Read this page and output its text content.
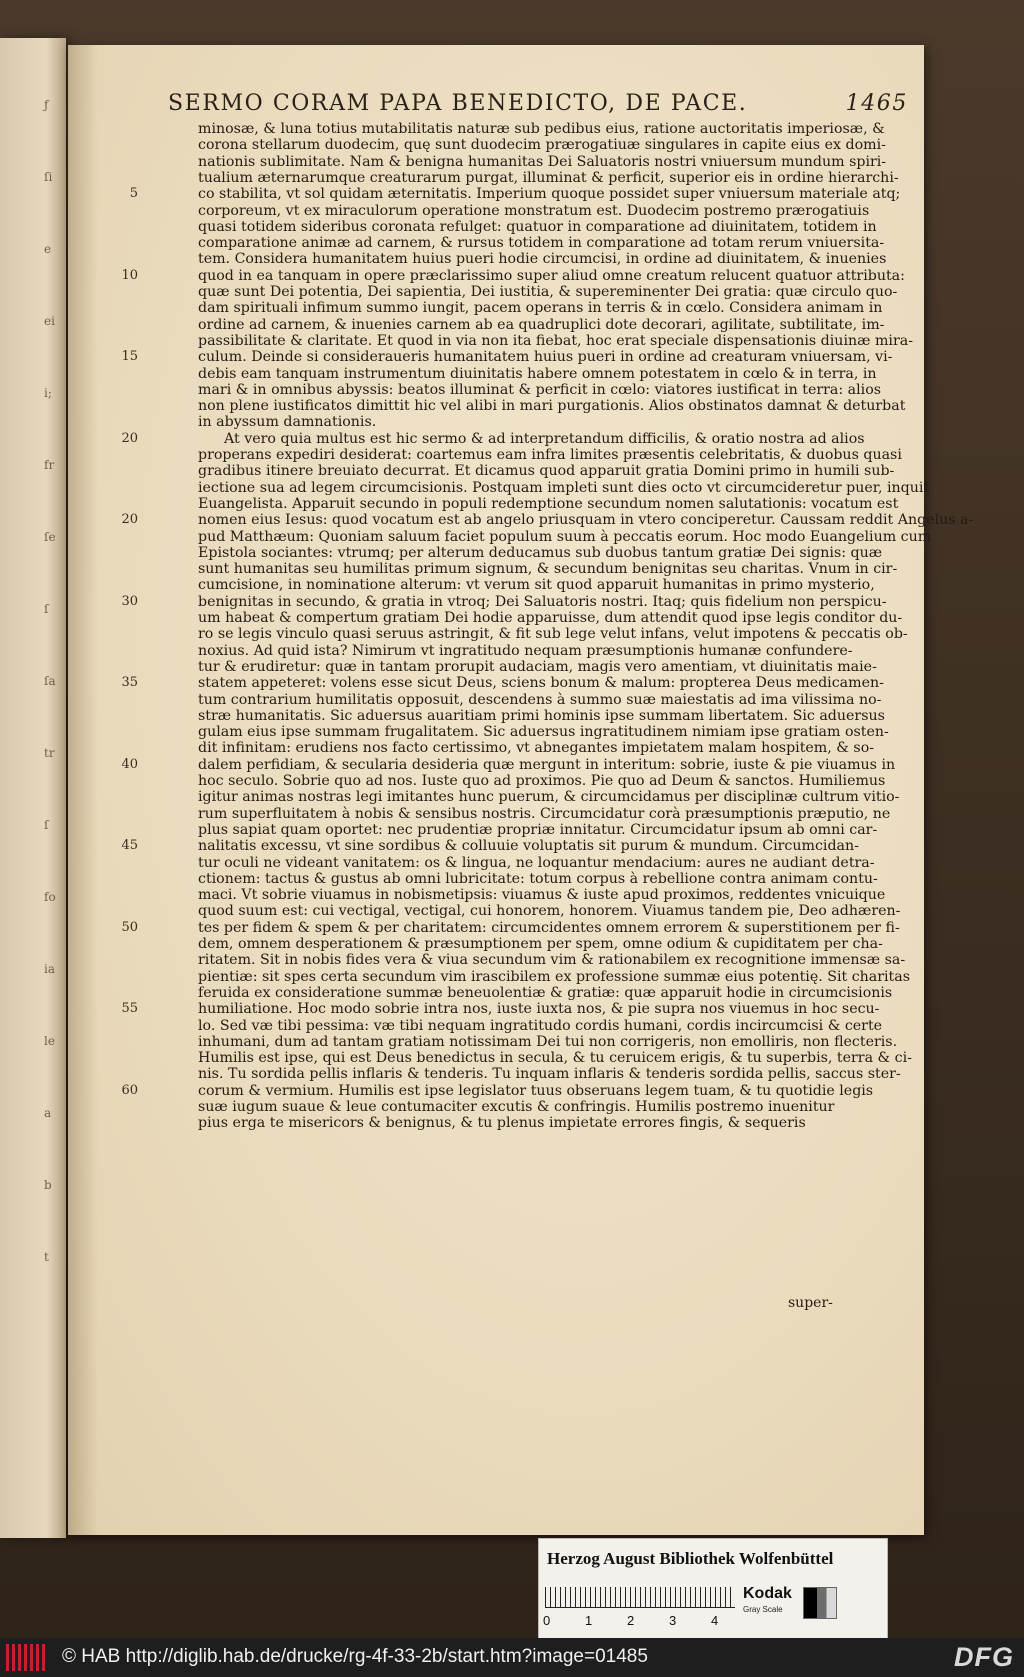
ƒ
ſi
e
ei
i;
fr
ſe
ſ
ſa
tr
ſ
fo
ia
le
a
b
t
SERMO CORAM PAPA BENEDICTO, DE PACE.	1465
5
10
15
20
20
30
35
40
45
50
55
60
minosæ, & luna totius mutabilitatis naturæ sub pedibus eius, ratione auctoritatis imperiosæ, &
corona stellarum duodecim, quę sunt duodecim prærogatiuæ singulares in capite eius ex domi-
nationis sublimitate. Nam & benigna humanitas Dei Saluatoris nostri vniuersum mundum spiri-
tualium æternarumque creaturarum purgat, illuminat & perficit, superior eis in ordine hierarchi-
co stabilita, vt sol quidam æternitatis. Imperium quoque possidet super vniuersum materiale atq;
corporeum, vt ex miraculorum operatione monstratum est. Duodecim postremo prærogatiuis
quasi totidem sideribus coronata refulget: quatuor in comparatione ad diuinitatem, totidem in
comparatione animæ ad carnem, & rursus totidem in comparatione ad totam rerum vniuersita-
tem. Considera humanitatem huius pueri hodie circumcisi, in ordine ad diuinitatem, & inuenies
quod in ea tanquam in opere præclarissimo super aliud omne creatum relucent quatuor attributa:
quæ sunt Dei potentia, Dei sapientia, Dei iustitia, & supereminenter Dei gratia: quæ circulo quo-
dam spirituali infimum summo iungit, pacem operans in terris & in cœlo. Considera animam in
ordine ad carnem, & inuenies carnem ab ea quadruplici dote decorari, agilitate, subtilitate, im-
passibilitate & claritate. Et quod in via non ita fiebat, hoc erat speciale dispensationis diuinæ mira-
culum. Deinde si consideraueris humanitatem huius pueri in ordine ad creaturam vniuersam, vi-
debis eam tanquam instrumentum diuinitatis habere omnem potestatem in cœlo & in terra, in
mari & in omnibus abyssis: beatos illuminat & perficit in cœlo: viatores iustificat in terra: alios
non plene iustificatos dimittit hic vel alibi in mari purgationis. Alios obstinatos damnat & deturbat
in abyssum damnationis.
At vero quia multus est hic sermo & ad interpretandum difficilis, & oratio nostra ad alios
properans expediri desiderat: coartemus eam infra limites præsentis celebritatis, & duobus quasi
gradibus itinere breuiato decurrat. Et dicamus quod apparuit gratia Domini primo in humili sub-
iectione sua ad legem circumcisionis. Postquam impleti sunt dies octo vt circumcideretur puer, inquit
Euangelista. Apparuit secundo in populi redemptione secundum nomen salutationis: vocatum est
nomen eius Iesus: quod vocatum est ab angelo priusquam in vtero conciperetur. Caussam reddit Angelus a-
pud Matthæum: Quoniam saluum faciet populum suum à peccatis eorum. Hoc modo Euangelium cum
Epistola sociantes: vtrumq; per alterum deducamus sub duobus tantum gratiæ Dei signis: quæ
sunt humanitas seu humilitas primum signum, & secundum benignitas seu charitas. Vnum in cir-
cumcisione, in nominatione alterum: vt verum sit quod apparuit humanitas in primo mysterio,
benignitas in secundo, & gratia in vtroq; Dei Saluatoris nostri. Itaq; quis fidelium non perspicu-
um habeat & compertum gratiam Dei hodie apparuisse, dum attendit quod ipse legis conditor du-
ro se legis vinculo quasi seruus astringit, & fit sub lege velut infans, velut impotens & peccatis ob-
noxius. Ad quid ista? Nimirum vt ingratitudo nequam præsumptionis humanæ confundere-
tur & erudiretur: quæ in tantam prorupit audaciam, magis vero amentiam, vt diuinitatis maie-
statem appeteret: volens esse sicut Deus, sciens bonum & malum: propterea Deus medicamen-
tum contrarium humilitatis opposuit, descendens à summo suæ maiestatis ad ima vilissima no-
stræ humanitatis. Sic aduersus auaritiam primi hominis ipse summam libertatem. Sic aduersus
gulam eius ipse summam frugalitatem. Sic aduersus ingratitudinem nimiam ipse gratiam osten-
dit infinitam: erudiens nos facto certissimo, vt abnegantes impietatem malam hospitem, & so-
dalem perfidiam, & secularia desideria quæ mergunt in interitum: sobrie, iuste & pie viuamus in
hoc seculo. Sobrie quo ad nos. Iuste quo ad proximos. Pie quo ad Deum & sanctos. Humiliemus
igitur animas nostras legi imitantes hunc puerum, & circumcidamus per disciplinæ cultrum vitio-
rum superfluitatem à nobis & sensibus nostris. Circumcidatur corà præsumptionis præputio, ne
plus sapiat quam oportet: nec prudentiæ propriæ innitatur. Circumcidatur ipsum ab omni car-
nalitatis excessu, vt sine sordibus & colluuie voluptatis sit purum & mundum. Circumcidan-
tur oculi ne videant vanitatem: os & lingua, ne loquantur mendacium: aures ne audiant detra-
ctionem: tactus & gustus ab omni lubricitate: totum corpus à rebellione contra animam contu-
maci. Vt sobrie viuamus in nobismetipsis: viuamus & iuste apud proximos, reddentes vnicuique
quod suum est: cui vectigal, vectigal, cui honorem, honorem. Viuamus tandem pie, Deo adhæren-
tes per fidem & spem & per charitatem: circumcidentes omnem errorem & superstitionem per fi-
dem, omnem desperationem & præsumptionem per spem, omne odium & cupiditatem per cha-
ritatem. Sit in nobis fides vera & viua secundum vim & rationabilem ex recognitione immensæ sa-
pientiæ: sit spes certa secundum vim irascibilem ex professione summæ eius potentię. Sit charitas
feruida ex consideratione summæ beneuolentiæ & gratiæ: quæ apparuit hodie in circumcisionis
humiliatione. Hoc modo sobrie intra nos, iuste iuxta nos, & pie supra nos viuemus in hoc secu-
lo. Sed væ tibi pessima: væ tibi nequam ingratitudo cordis humani, cordis incircumcisi & certe
inhumani, dum ad tantam gratiam notissimam Dei tui non corrigeris, non emolliris, non flecteris.
Humilis est ipse, qui est Deus benedictus in secula, & tu ceruicem erigis, & tu superbis, terra & ci-
nis. Tu sordida pellis inflaris & tenderis. Tu inquam inflaris & tenderis sordida pellis, saccus ster-
corum & vermium. Humilis est ipse legislator tuus obseruans legem tuam, & tu quotidie legis
suæ iugum suaue & leue contumaciter excutis & confringis. Humilis postremo inuenitur
pius erga te misericors & benignus, & tu plenus impietate errores fingis, & sequeris
super-
Herzog August Bibliothek Wolfenbüttel
0	1	2	3	4
Kodak
Gray Scale
© HAB http://diglib.hab.de/drucke/rg-4f-33-2b/start.htm?image=01485	DFG
